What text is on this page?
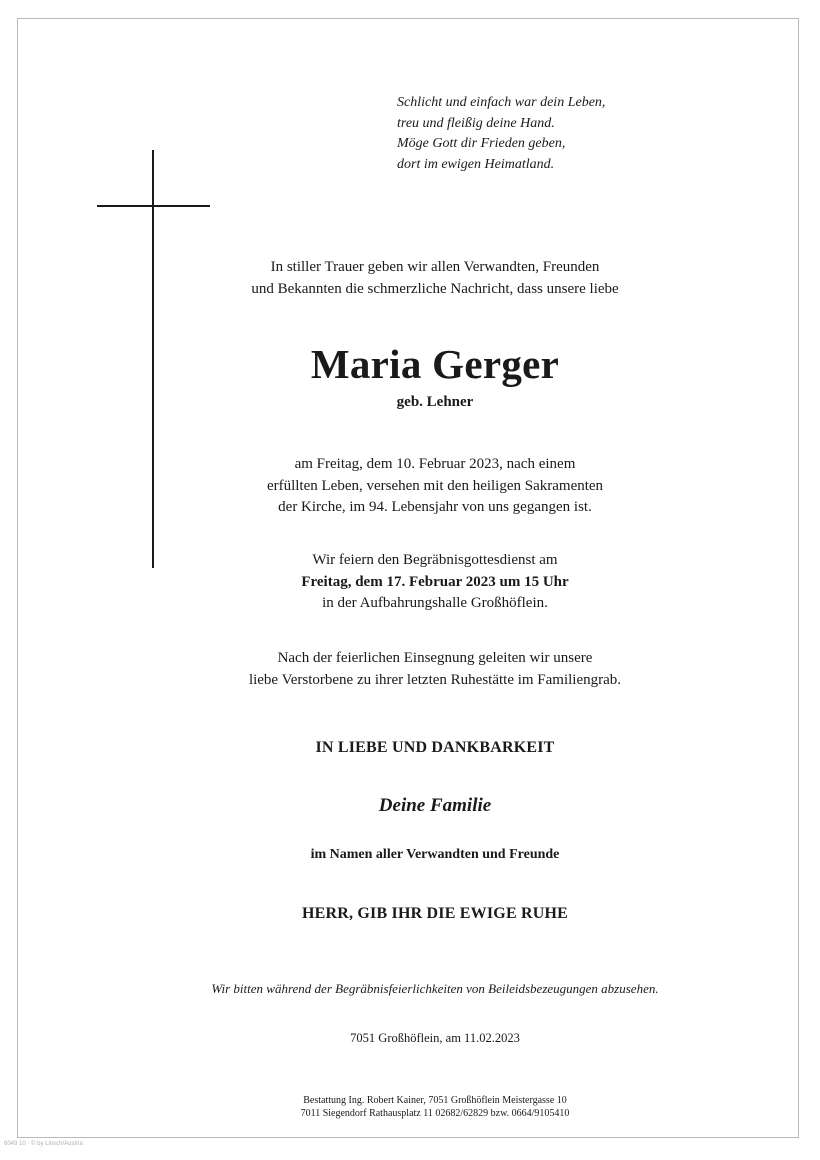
Schlicht und einfach war dein Leben,
treu und fleißig deine Hand.
Möge Gott dir Frieden geben,
dort im ewigen Heimatland.
In stiller Trauer geben wir allen Verwandten, Freunden
und Bekannten die schmerzliche Nachricht, dass unsere liebe
Maria Gerger
geb. Lehner
am Freitag, dem 10. Februar 2023, nach einem
erfüllten Leben, versehen mit den heiligen Sakramenten
der Kirche, im 94. Lebensjahr von uns gegangen ist.
Wir feiern den Begräbnisgottesdienst am
Freitag, dem 17. Februar 2023 um 15 Uhr
in der Aufbahrungshalle Großhöflein.
Nach der feierlichen Einsegnung geleiten wir unsere
liebe Verstorbene zu ihrer letzten Ruhestätte im Familiengrab.
IN LIEBE UND DANKBARKEIT
Deine Familie
im Namen aller Verwandten und Freunde
HERR, GIB IHR DIE EWIGE RUHE
Wir bitten während der Begräbnisfeierlichkeiten von Beileidsbezeugungen abzusehen.
7051 Großhöflein, am 11.02.2023
Bestattung Ing. Robert Kainer, 7051 Großhöflein Meistergasse 10
7011 Siegendorf Rathausplatz 11 02682/62829 bzw. 0664/9105410
6049 10 · © by Linsch/Austria
